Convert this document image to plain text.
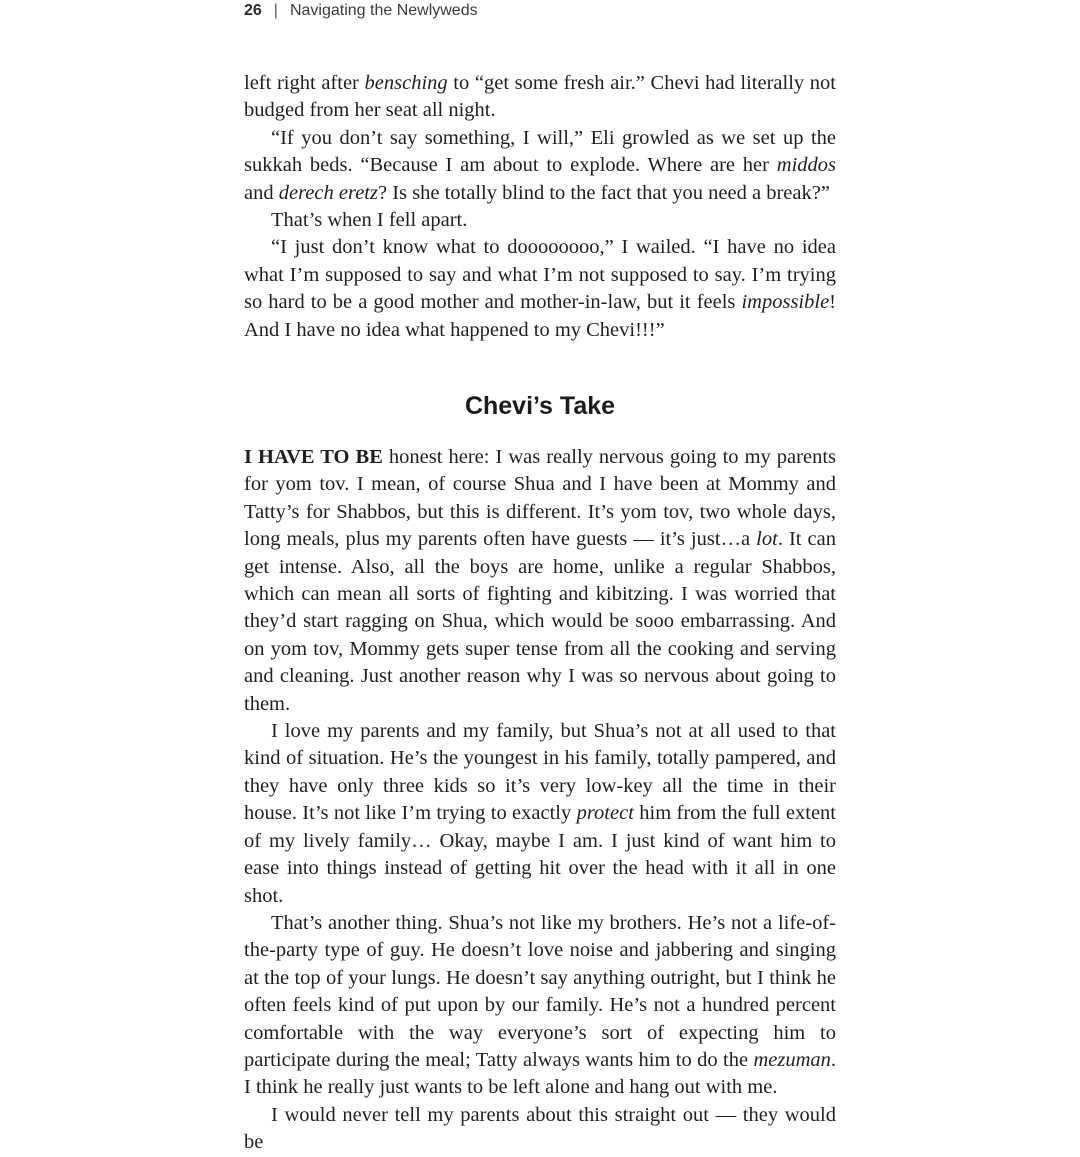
26 | Navigating the Newlyweds

left right after bensching to “get some fresh air.” Chevi had literally not budged from her seat all night.

“If you don’t say something, I will,” Eli growled as we set up the sukkah beds. “Because I am about to explode. Where are her middos and derech eretz? Is she totally blind to the fact that you need a break?”

That’s when I fell apart.

“I just don’t know what to doooooooo,” I wailed. “I have no idea what I’m supposed to say and what I’m not supposed to say. I’m trying so hard to be a good mother and mother-in-law, but it feels impossible! And I have no idea what happened to my Chevi!!!”

Chevi’s Take

I HAVE TO BE honest here: I was really nervous going to my parents for yom tov. I mean, of course Shua and I have been at Mommy and Tatty’s for Shabbos, but this is different. It’s yom tov, two whole days, long meals, plus my parents often have guests — it’s just…a lot. It can get intense. Also, all the boys are home, unlike a regular Shabbos, which can mean all sorts of fighting and kibitzing. I was worried that they’d start ragging on Shua, which would be sooo embarrassing. And on yom tov, Mommy gets super tense from all the cooking and serving and cleaning. Just another reason why I was so nervous about going to them.

I love my parents and my family, but Shua’s not at all used to that kind of situation. He’s the youngest in his family, totally pampered, and they have only three kids so it’s very low-key all the time in their house. It’s not like I’m trying to exactly protect him from the full extent of my lively family… Okay, maybe I am. I just kind of want him to ease into things instead of getting hit over the head with it all in one shot.

That’s another thing. Shua’s not like my brothers. He’s not a life-of-the-party type of guy. He doesn’t love noise and jabbering and singing at the top of your lungs. He doesn’t say anything outright, but I think he often feels kind of put upon by our family. He’s not a hundred percent comfortable with the way everyone’s sort of expecting him to participate during the meal; Tatty always wants him to do the mezuman. I think he really just wants to be left alone and hang out with me.

I would never tell my parents about this straight out — they would be
